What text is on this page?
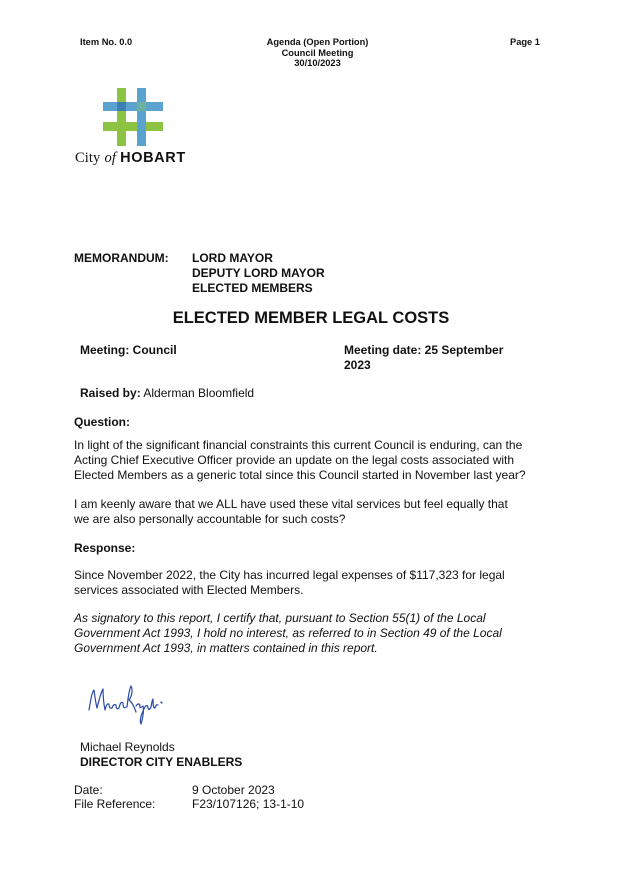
Item No. 0.0	Agenda (Open Portion)
Council Meeting
30/10/2023
Page 1
City of HOBART
MEMORANDUM: LORD MAYOR
DEPUTY LORD MAYOR
ELECTED MEMBERS
ELECTED MEMBER LEGAL COSTS
Meeting: Council	Meeting date: 25 September
2023
Raised by: Alderman Bloomfield
Question:
In light of the significant financial constraints this current Council is enduring, can the
Acting Chief Executive Officer provide an update on the legal costs associated with
Elected Members as a generic total since this Council started in November last year?
I am keenly aware that we ALL have used these vital services but feel equally that
we are also personally accountable for such costs?
Response:
Since November 2022, the City has incurred legal expenses of $117,323 for legal
services associated with Elected Members.
As signatory to this report, I certify that, pursuant to Section 55(1) of the Local
Government Act 1993, I hold no interest, as referred to in Section 49 of the Local
Government Act 1993, in matters contained in this report.
Michael Reynolds
DIRECTOR CITY ENABLERS
Date:	9 October 2023
File Reference:	F23/107126; 13-1-10
